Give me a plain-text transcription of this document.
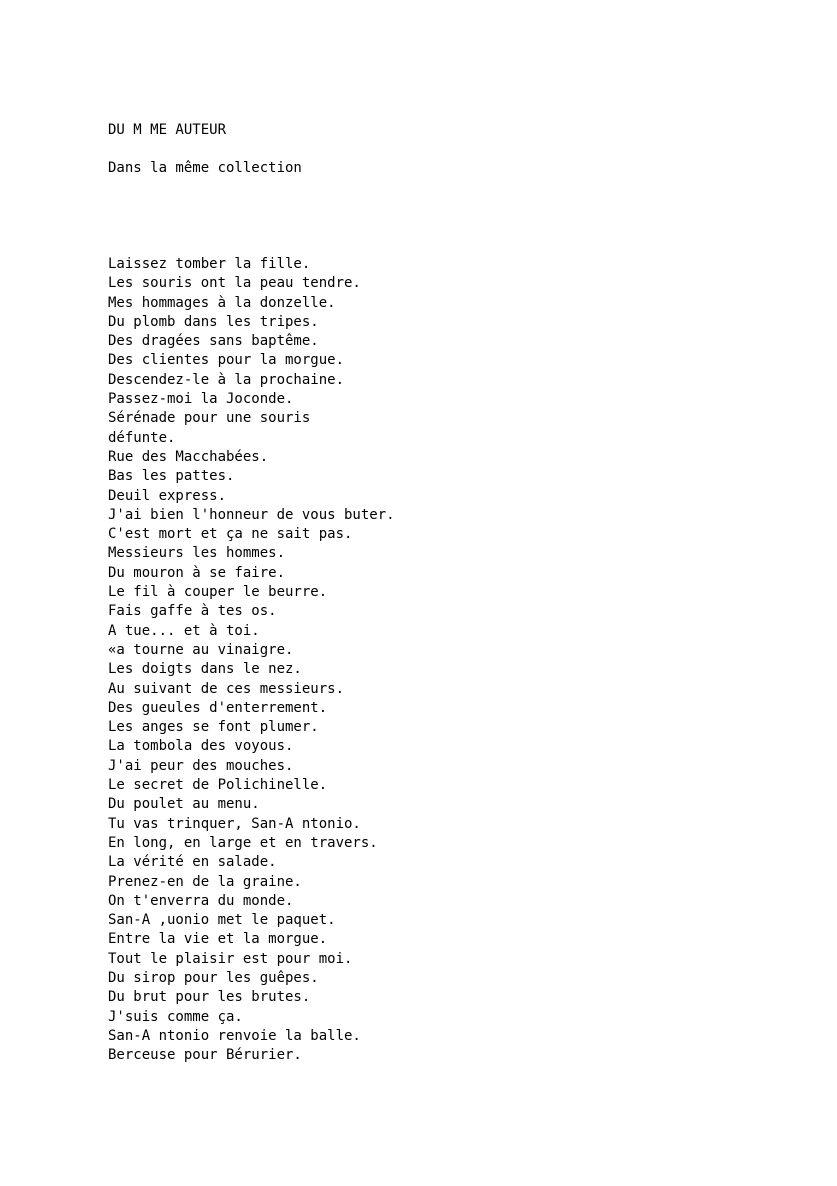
DU M ME AUTEUR
Dans la même collection
Laissez tomber la fille.
Les souris ont la peau tendre.
Mes hommages à la donzelle.
Du plomb dans les tripes.
Des dragées sans baptême.
Des clientes pour la morgue.
Descendez-le à la prochaine.
Passez-moi la Joconde.
Sérénade pour une souris
défunte.
Rue des Macchabées.
Bas les pattes.
Deuil express.
J'ai bien l'honneur de vous buter.
C'est mort et ça ne sait pas.
Messieurs les hommes.
Du mouron à se faire.
Le fil à couper le beurre.
Fais gaffe à tes os.
A tue... et à toi.
«a tourne au vinaigre.
Les doigts dans le nez.
Au suivant de ces messieurs.
Des gueules d'enterrement.
Les anges se font plumer.
La tombola des voyous.
J'ai peur des mouches.
Le secret de Polichinelle.
Du poulet au menu.
Tu vas trinquer, San-A ntonio.
En long, en large et en travers.
La vérité en salade.
Prenez-en de la graine.
On t'enverra du monde.
San-A ,uonio met le paquet.
Entre la vie et la morgue.
Tout le plaisir est pour moi.
Du sirop pour les guêpes.
Du brut pour les brutes.
J'suis comme ça.
San-A ntonio renvoie la balle.
Berceuse pour Bérurier.
